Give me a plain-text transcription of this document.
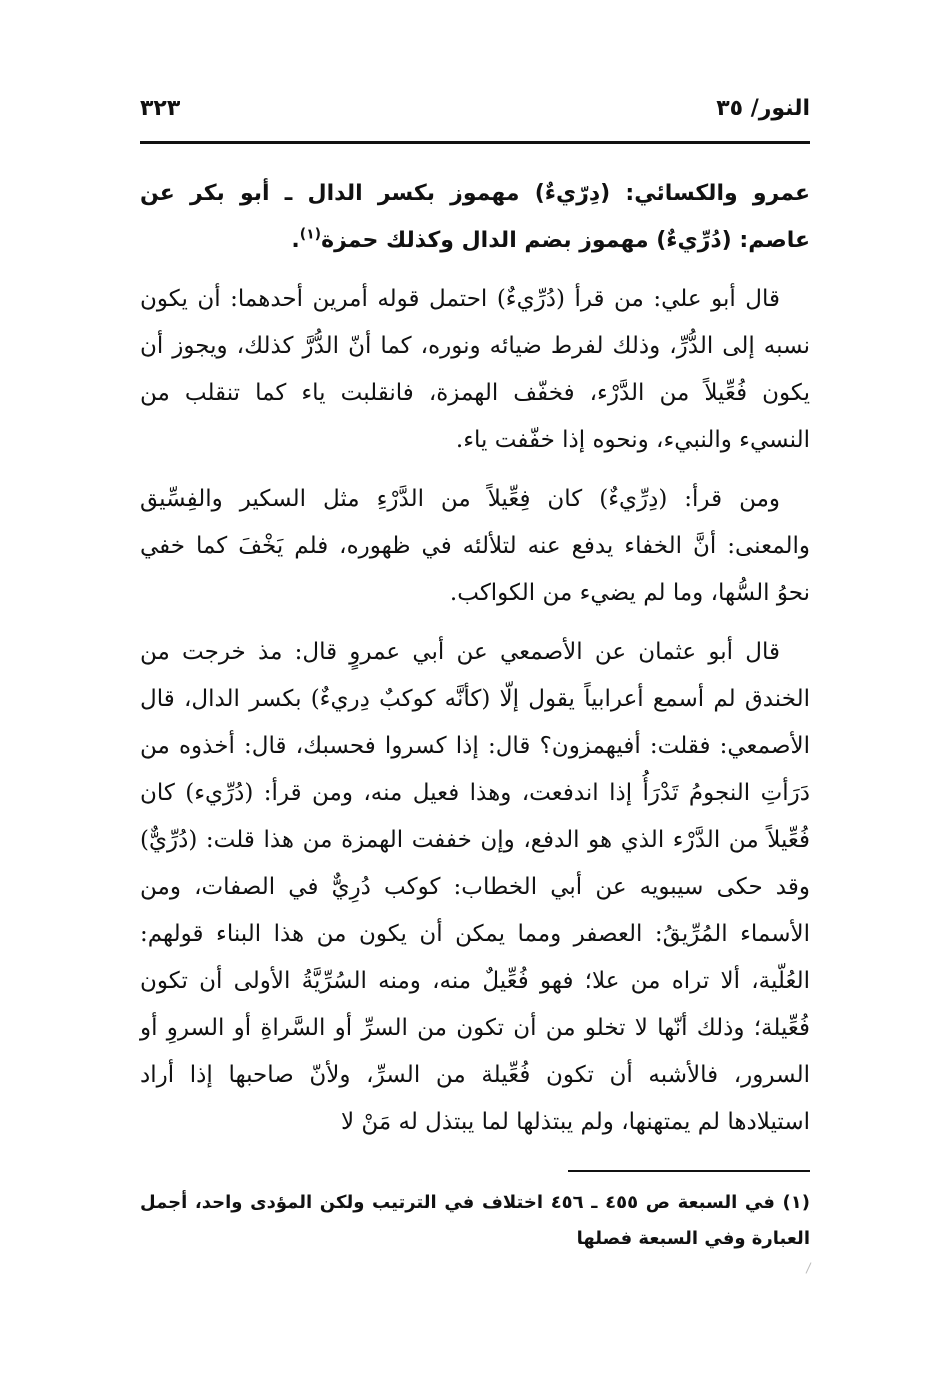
النور/ ٣٥
٣٢٣

عمرو والكسائي: (دِرّيءٌ) مهموز بكسر الدال ـ أبو بكر عن عاصم: (دُرِّيءٌ) مهموز بضم الدال وكذلك حمزة$^{(١)}$.

قال أبو علي: من قرأ (دُرِّيءٌ) احتمل قوله أمرين أحدهما: أن يكون نسبه إلى الدُّرِّ، وذلك لفرط ضيائه ونوره، كما أنّ الدُّرَّ كذلك، ويجوز أن يكون فُعِّيلاً من الدَّرْء، فخفّف الهمزة، فانقلبت ياء كما تنقلب من النسيء والنبيء، ونحوه إذا خفّفت ياء.

ومن قرأ: (دِرِّيءٌ) كان فِعِّيلاً من الدَّرْءِ مثل السكير والفِسِّيق والمعنى: أنَّ الخفاء يدفع عنه لتلألئه في ظهوره، فلم يَخْفَ كما خفي نحوُ السُّها، وما لم يضيء من الكواكب.

قال أبو عثمان عن الأصمعي عن أبي عمروٍ قال: مذ خرجت من الخندق لم أسمع أعرابياً يقول إلّا (كأنَّه كوكبٌ دِريءٌ) بكسر الدال، قال الأصمعي: فقلت: أفيهمزون؟ قال: إذا كسروا فحسبك، قال: أخذوه من دَرَأتِ النجومُ تَدْرَأُ إذا اندفعت، وهذا فعيل منه، ومن قرأ: (دُرِّيء) كان فُعِّيلاً من الدَّرْء الذي هو الدفع، وإن خففت الهمزة من هذا قلت: (دُرِّيٌّ) وقد حكى سيبويه عن أبي الخطاب: كوكب دُرِيٌّ في الصفات، ومن الأسماء المُرِّيقُ: العصفر ومما يمكن أن يكون من هذا البناء قولهم: العُلّية، ألا تراه من علا؛ فهو فُعِّيلٌ منه، ومنه السُرِّيَّةُ الأولى أن تكون فُعِّيلة؛ وذلك أنّها لا تخلو من أن تكون من السرِّ أو السَّراةِ أو السروِ أو السرور، فالأشبه أن تكون فُعِّيلة من السرِّ، ولأنّ صاحبها إذا أراد استيلادها لم يمتهنها، ولم يبتذلها لما يبتذل له مَنْ لا

(١) في السبعة ص ٤٥٥ ـ ٤٥٦ اختلاف في الترتيب ولكن المؤدى واحد، أجمل العبارة وفي السبعة فصلها
